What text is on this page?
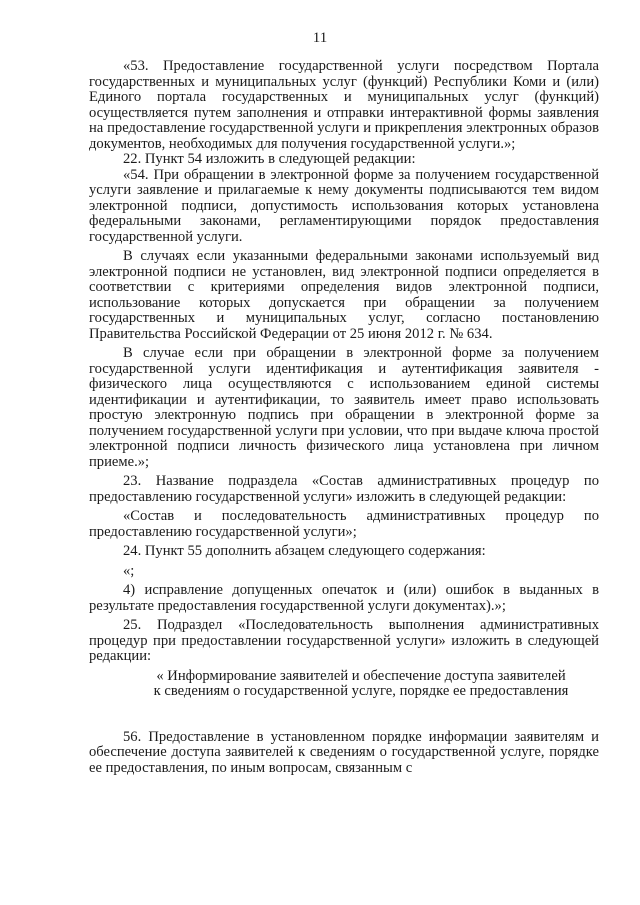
11

«53. Предоставление государственной услуги посредством Портала государственных и муниципальных услуг (функций) Республики Коми и (или) Единого портала государственных и муниципальных услуг (функций) осуществляется путем заполнения и отправки интерактивной формы заявления на предоставление государственной услуги и прикрепления электронных образов документов, необходимых для получения государственной услуги.»;

22. Пункт 54 изложить в следующей редакции:

«54. При обращении в электронной форме за получением государственной услуги заявление и прилагаемые к нему документы подписываются тем видом электронной подписи, допустимость использования которых установлена федеральными законами, регламентирующими порядок предоставления государственной услуги.

В случаях если указанными федеральными законами используемый вид электронной подписи не установлен, вид электронной подписи определяется в соответствии с критериями определения видов электронной подписи, использование которых допускается при обращении за получением государственных и муниципальных услуг, согласно постановлению Правительства Российской Федерации от 25 июня 2012 г. № 634.

В случае если при обращении в электронной форме за получением государственной услуги идентификация и аутентификация заявителя - физического лица осуществляются с использованием единой системы идентификации и аутентификации, то заявитель имеет право использовать простую электронную подпись при обращении в электронной форме за получением государственной услуги при условии, что при выдаче ключа простой электронной подписи личность физического лица установлена при личном приеме.»;

23. Название подраздела «Состав административных процедур по предоставлению государственной услуги» изложить в следующей редакции:

«Состав и последовательность административных процедур по предоставлению государственной услуги»;

24. Пункт 55 дополнить абзацем следующего содержания:

«;

4) исправление допущенных опечаток и (или) ошибок в выданных в результате предоставления государственной услуги документах).»;

25. Подраздел «Последовательность выполнения административных процедур при предоставлении государственной услуги» изложить в следующей редакции:

« Информирование заявителей и обеспечение доступа заявителей

к сведениям о государственной услуге, порядке ее предоставления

56. Предоставление в установленном порядке информации заявителям и обеспечение доступа заявителей к сведениям о государственной услуге, порядке ее предоставления, по иным вопросам, связанным с
